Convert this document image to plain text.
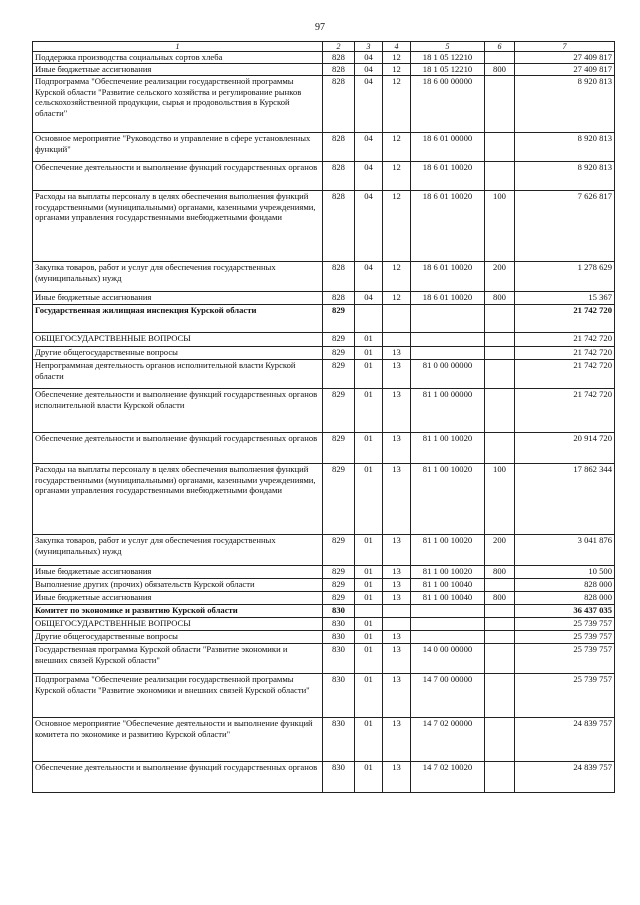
97
1	2	3	4	5	6	7
Поддержка производства социальных сортов хлеба	828	04	12	18 1 05 12210		27 409 817
Иные бюджетные ассигнования	828	04	12	18 1 05 12210	800	27 409 817
Подпрограмма "Обеспечение реализации государственной программы Курской области "Развитие сельского хозяйства и регулирование рынков сельскохозяйственной продукции, сырья и продовольствия в Курской области"	828	04	12	18 6 00 00000		8 920 813
Основное мероприятие "Руководство и управление в сфере установленных функций"	828	04	12	18 6 01 00000		8 920 813
Обеспечение деятельности и выполнение функций государственных органов	828	04	12	18 6 01 10020		8 920 813
Расходы на выплаты персоналу в целях обеспечения выполнения функций государственными (муниципальными) органами, казенными учреждениями, органами управления государственными внебюджетными фондами	828	04	12	18 6 01 10020	100	7 626 817
Закупка товаров, работ и услуг для обеспечения государственных (муниципальных) нужд	828	04	12	18 6 01 10020	200	1 278 629
Иные бюджетные ассигнования	828	04	12	18 6 01 10020	800	15 367
Государственная жилищная инспекция Курской области	829					21 742 720
ОБЩЕГОСУДАРСТВЕННЫЕ ВОПРОСЫ	829	01				21 742 720
Другие общегосударственные вопросы	829	01	13			21 742 720
Непрограммная деятельность органов исполнительной власти Курской области	829	01	13	81 0 00 00000		21 742 720
Обеспечение деятельности и выполнение функций государственных органов исполнительной власти Курской области	829	01	13	81 1 00 00000		21 742 720
Обеспечение деятельности и выполнение функций государственных органов	829	01	13	81 1 00 10020		20 914 720
Расходы на выплаты персоналу в целях обеспечения выполнения функций государственными (муниципальными) органами, казенными учреждениями, органами управления государственными внебюджетными фондами	829	01	13	81 1 00 10020	100	17 862 344
Закупка товаров, работ и услуг для обеспечения государственных (муниципальных) нужд	829	01	13	81 1 00 10020	200	3 041 876
Иные бюджетные ассигнования	829	01	13	81 1 00 10020	800	10 500
Выполнение других (прочих) обязательств Курской области	829	01	13	81 1 00 10040		828 000
Иные бюджетные ассигнования	829	01	13	81 1 00 10040	800	828 000
Комитет по экономике и развитию Курской области	830					36 437 035
ОБЩЕГОСУДАРСТВЕННЫЕ ВОПРОСЫ	830	01				25 739 757
Другие общегосударственные вопросы	830	01	13			25 739 757
Государственная программа Курской области "Развитие экономики и внешних связей Курской области"	830	01	13	14 0 00 00000		25 739 757
Подпрограмма "Обеспечение реализации государственной программы Курской области "Развитие экономики и внешних связей Курской области"	830	01	13	14 7 00 00000		25 739 757
Основное мероприятие "Обеспечение деятельности и выполнение функций комитета по экономике и развитию Курской области"	830	01	13	14 7 02 00000		24 839 757
Обеспечение деятельности и выполнение функций государственных органов	830	01	13	14 7 02 10020		24 839 757
